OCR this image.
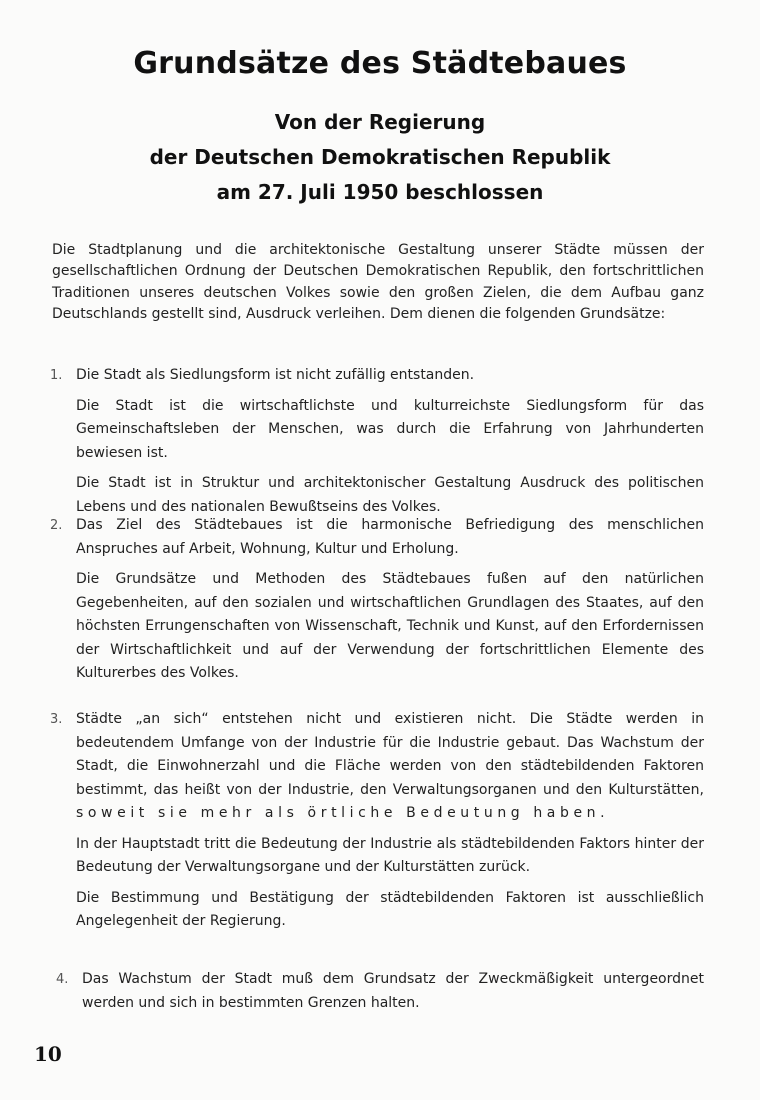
Grundsätze des Städtebaues
Von der Regierung
der Deutschen Demokratischen Republik
am 27. Juli 1950 beschlossen
Die Stadtplanung und die architektonische Gestaltung unserer Städte müssen der gesellschaftlichen Ordnung der Deutschen Demokratischen Republik, den fortschrittlichen Traditionen unseres deutschen Volkes sowie den großen Zielen, die dem Aufbau ganz Deutschlands gestellt sind, Ausdruck verleihen. Dem dienen die folgenden Grundsätze:
1. Die Stadt als Siedlungsform ist nicht zufällig entstanden.

Die Stadt ist die wirtschaftlichste und kulturreichste Siedlungsform für das Gemeinschaftsleben der Menschen, was durch die Erfahrung von Jahrhunderten bewiesen ist.

Die Stadt ist in Struktur und architektonischer Gestaltung Ausdruck des politischen Lebens und des nationalen Bewußtseins des Volkes.

2. Das Ziel des Städtebaues ist die harmonische Befriedigung des menschlichen Anspruches auf Arbeit, Wohnung, Kultur und Erholung.

Die Grundsätze und Methoden des Städtebaues fußen auf den natürlichen Gegebenheiten, auf den sozialen und wirtschaftlichen Grundlagen des Staates, auf den höchsten Errungenschaften von Wissenschaft, Technik und Kunst, auf den Erfordernissen der Wirtschaftlichkeit und auf der Verwendung der fortschrittlichen Elemente des Kulturerbes des Volkes.

3. Städte „an sich“ entstehen nicht und existieren nicht. Die Städte werden in bedeutendem Umfange von der Industrie für die Industrie gebaut. Das Wachstum der Stadt, die Einwohnerzahl und die Fläche werden von den städtebildenden Faktoren bestimmt, das heißt von der Industrie, den Verwaltungsorganen und den Kulturstätten, soweit sie mehr als örtliche Bedeutung haben.

In der Hauptstadt tritt die Bedeutung der Industrie als städtebildenden Faktors hinter der Bedeutung der Verwaltungsorgane und der Kulturstätten zurück.

Die Bestimmung und Bestätigung der städtebildenden Faktoren ist ausschließlich Angelegenheit der Regierung.

4. Das Wachstum der Stadt muß dem Grundsatz der Zweckmäßigkeit untergeordnet werden und sich in bestimmten Grenzen halten.

10
